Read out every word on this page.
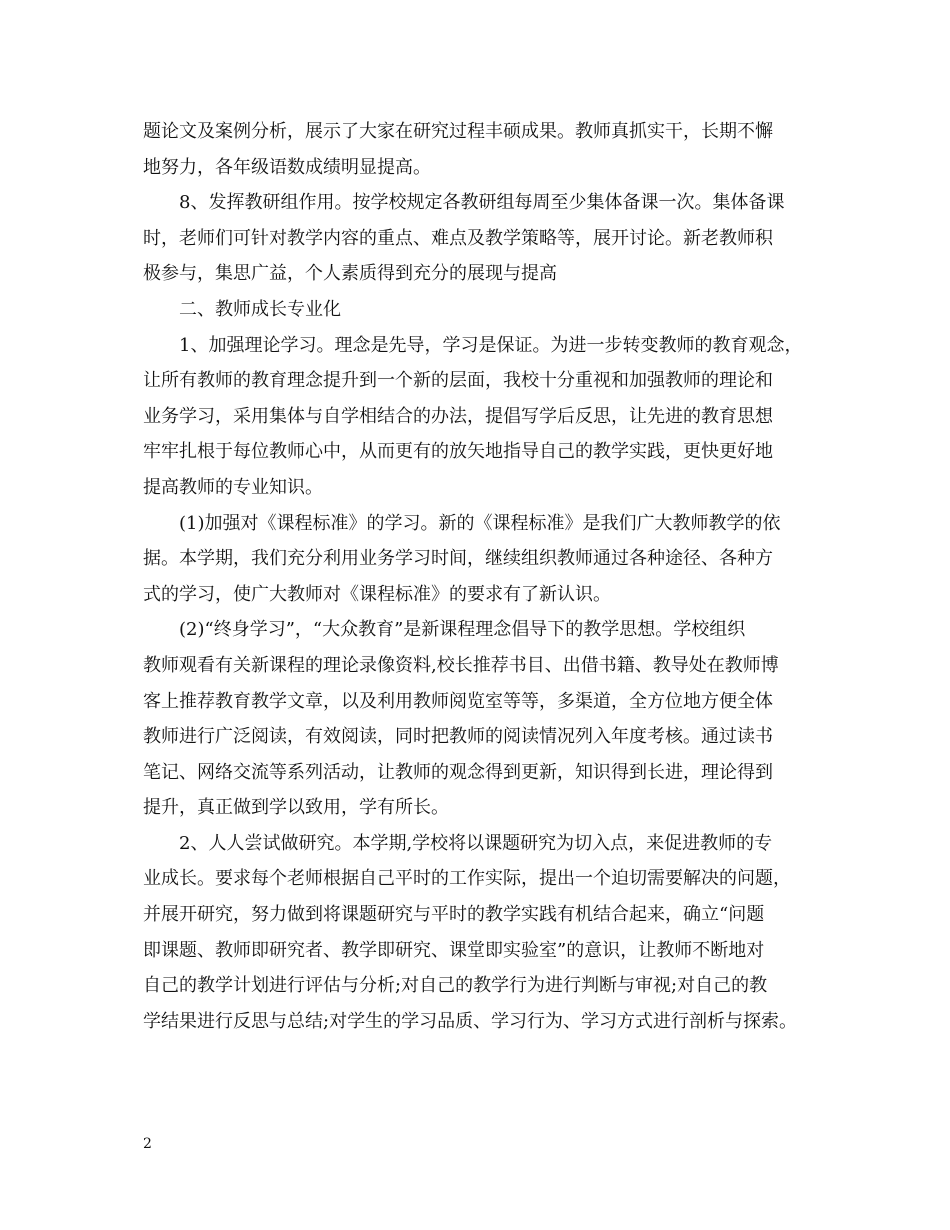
题论文及案例分析，展示了大家在研究过程丰硕成果。教师真抓实干，长期不懈
地努力，各年级语数成绩明显提高。
8、发挥教研组作用。按学校规定各教研组每周至少集体备课一次。集体备课
时，老师们可针对教学内容的重点、难点及教学策略等，展开讨论。新老教师积
极参与，集思广益，个人素质得到充分的展现与提高
二、教师成长专业化
1、加强理论学习。理念是先导，学习是保证。为进一步转变教师的教育观念，
让所有教师的教育理念提升到一个新的层面，我校十分重视和加强教师的理论和
业务学习，采用集体与自学相结合的办法，提倡写学后反思，让先进的教育思想
牢牢扎根于每位教师心中，从而更有的放矢地指导自己的教学实践，更快更好地
提高教师的专业知识。
(1)加强对《课程标准》的学习。新的《课程标准》是我们广大教师教学的依
据。本学期，我们充分利用业务学习时间，继续组织教师通过各种途径、各种方
式的学习，使广大教师对《课程标准》的要求有了新认识。
(2)“终身学习”，“大众教育”是新课程理念倡导下的教学思想。学校组织
教师观看有关新课程的理论录像资料,校长推荐书目、出借书籍、教导处在教师博
客上推荐教育教学文章，以及利用教师阅览室等等，多渠道，全方位地方便全体
教师进行广泛阅读，有效阅读，同时把教师的阅读情况列入年度考核。通过读书
笔记、网络交流等系列活动，让教师的观念得到更新，知识得到长进，理论得到
提升，真正做到学以致用，学有所长。
2、人人尝试做研究。本学期,学校将以课题研究为切入点，来促进教师的专
业成长。要求每个老师根据自己平时的工作实际，提出一个迫切需要解决的问题，
并展开研究，努力做到将课题研究与平时的教学实践有机结合起来，确立“问题
即课题、教师即研究者、教学即研究、课堂即实验室”的意识，让教师不断地对
自己的教学计划进行评估与分析;对自己的教学行为进行判断与审视;对自己的教
学结果进行反思与总结;对学生的学习品质、学习行为、学习方式进行剖析与探索。
2
